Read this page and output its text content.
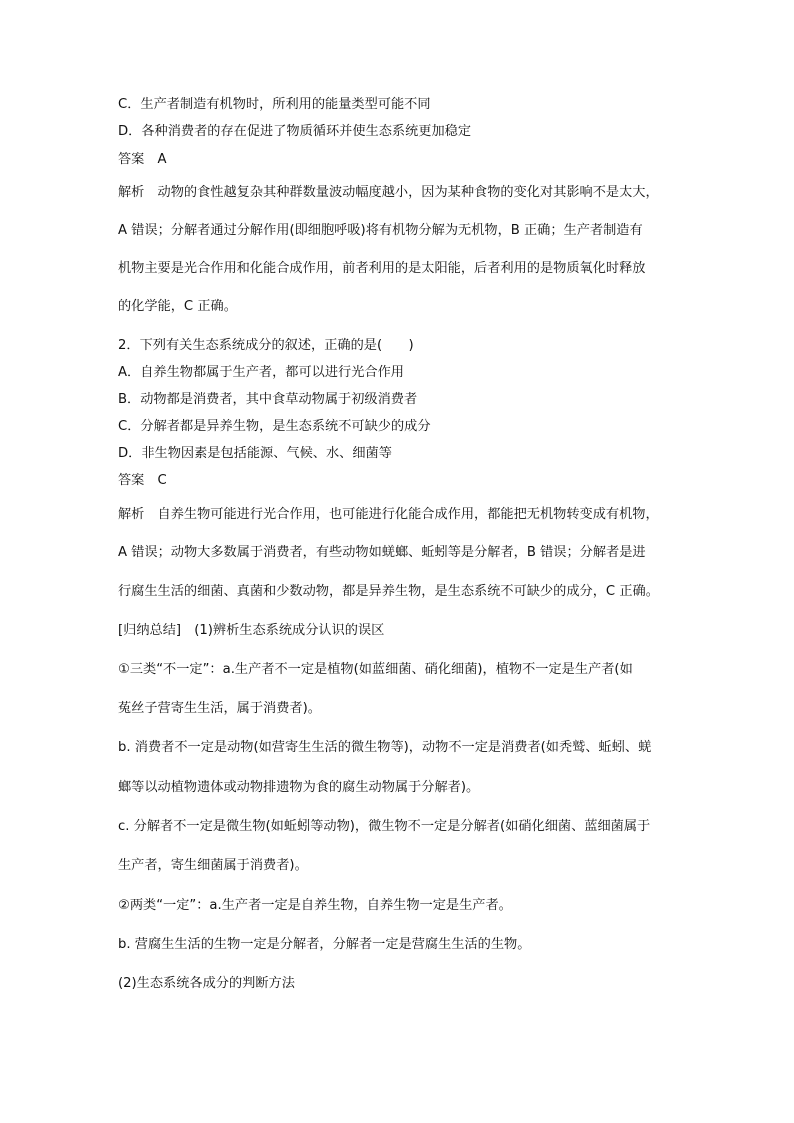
C．生产者制造有机物时，所利用的能量类型可能不同
D．各种消费者的存在促进了物质循环并使生态系统更加稳定
答案　A
解析　动物的食性越复杂其种群数量波动幅度越小，因为某种食物的变化对其影响不是太大，
A 错误；分解者通过分解作用(即细胞呼吸)将有机物分解为无机物，B 正确；生产者制造有
机物主要是光合作用和化能合成作用，前者利用的是太阳能，后者利用的是物质氧化时释放
的化学能，C 正确。
2．下列有关生态系统成分的叙述，正确的是(　　)
A．自养生物都属于生产者，都可以进行光合作用
B．动物都是消费者，其中食草动物属于初级消费者
C．分解者都是异养生物，是生态系统不可缺少的成分
D．非生物因素是包括能源、气候、水、细菌等
答案　C
解析　自养生物可能进行光合作用，也可能进行化能合成作用，都能把无机物转变成有机物，
A 错误；动物大多数属于消费者，有些动物如蜣螂、蚯蚓等是分解者，B 错误；分解者是进
行腐生生活的细菌、真菌和少数动物，都是异养生物，是生态系统不可缺少的成分，C 正确。
[归纳总结]　(1)辨析生态系统成分认识的误区
①三类“不一定”：a.生产者不一定是植物(如蓝细菌、硝化细菌)，植物不一定是生产者(如
菟丝子营寄生生活，属于消费者)。
b. 消费者不一定是动物(如营寄生生活的微生物等)，动物不一定是消费者(如秃鹫、蚯蚓、蜣
螂等以动植物遗体或动物排遗物为食的腐生动物属于分解者)。
c. 分解者不一定是微生物(如蚯蚓等动物)，微生物不一定是分解者(如硝化细菌、蓝细菌属于
生产者，寄生细菌属于消费者)。
②两类“一定”：a.生产者一定是自养生物，自养生物一定是生产者。
b. 营腐生生活的生物一定是分解者，分解者一定是营腐生生活的生物。
(2)生态系统各成分的判断方法
